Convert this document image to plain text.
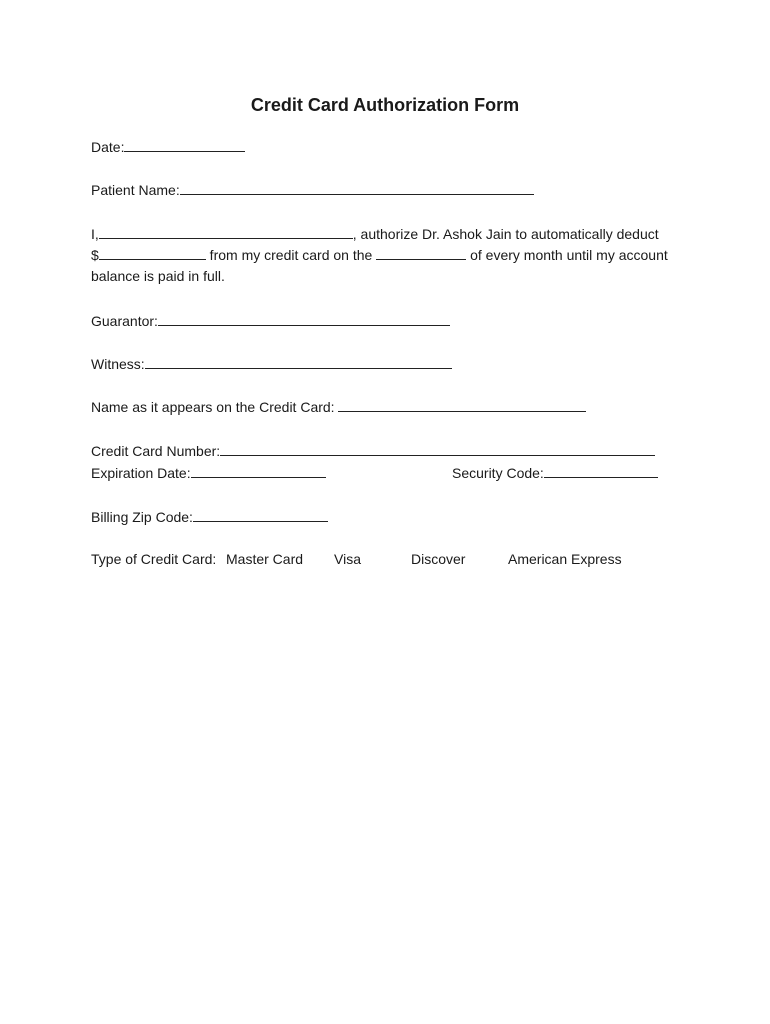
Credit Card Authorization Form
Date:
Patient Name:
I,	, authorize Dr. Ashok Jain to automatically deduct
$	from my credit card on the	of every month until my account
balance is paid in full.
Guarantor:
Witness:
Name as it appears on the Credit Card:
Credit Card Number:
Expiration Date:	Security Code:
Billing Zip Code:
Type of Credit Card: Master Card Visa	Discover	American Express
